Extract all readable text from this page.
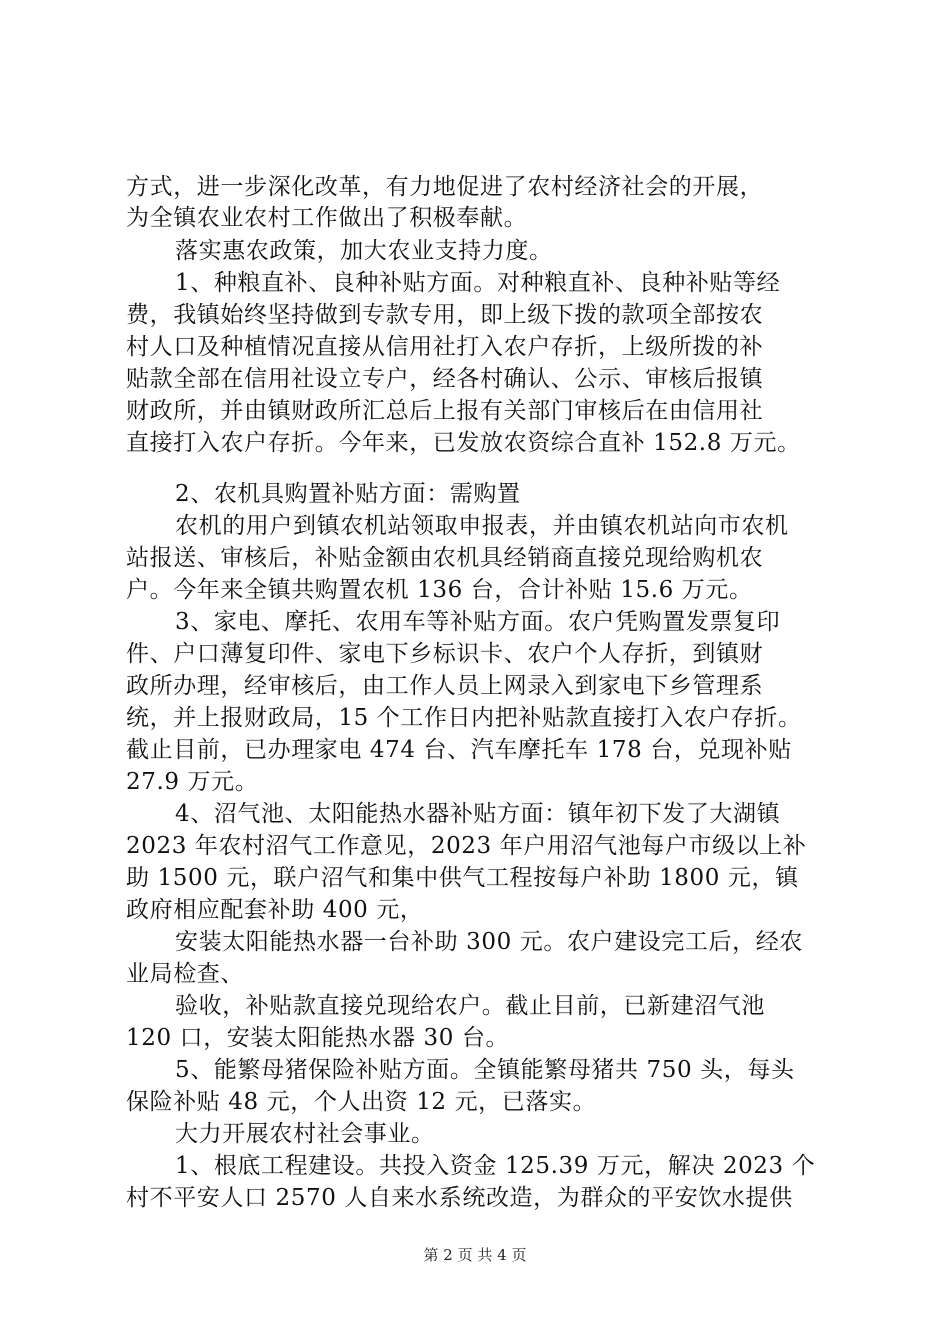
方式，进一步深化改革，有力地促进了农村经济社会的开展，
为全镇农业农村工作做出了积极奉献。
落实惠农政策，加大农业支持力度。
1、种粮直补、良种补贴方面。对种粮直补、良种补贴等经
费，我镇始终坚持做到专款专用，即上级下拨的款项全部按农
村人口及种植情况直接从信用社打入农户存折，上级所拨的补
贴款全部在信用社设立专户，经各村确认、公示、审核后报镇
财政所，并由镇财政所汇总后上报有关部门审核后在由信用社
直接打入农户存折。今年来，已发放农资综合直补 152.8 万元。
2、农机具购置补贴方面：需购置
农机的用户到镇农机站领取申报表，并由镇农机站向市农机
站报送、审核后，补贴金额由农机具经销商直接兑现给购机农
户。今年来全镇共购置农机 136 台，合计补贴 15.6 万元。
3、家电、摩托、农用车等补贴方面。农户凭购置发票复印
件、户口薄复印件、家电下乡标识卡、农户个人存折，到镇财
政所办理，经审核后，由工作人员上网录入到家电下乡管理系
统，并上报财政局，15 个工作日内把补贴款直接打入农户存折。
截止目前，已办理家电 474 台、汽车摩托车 178 台，兑现补贴
27.9 万元。
4、沼气池、太阳能热水器补贴方面：镇年初下发了大湖镇
2023 年农村沼气工作意见，2023 年户用沼气池每户市级以上补
助 1500 元，联户沼气和集中供气工程按每户补助 1800 元，镇
政府相应配套补助 400 元，
安装太阳能热水器一台补助 300 元。农户建设完工后，经农
业局检查、
验收，补贴款直接兑现给农户。截止目前，已新建沼气池
120 口，安装太阳能热水器 30 台。
5、能繁母猪保险补贴方面。全镇能繁母猪共 750 头，每头
保险补贴 48 元，个人出资 12 元，已落实。
大力开展农村社会事业。
1、根底工程建设。共投入资金 125.39 万元，解决 2023 个
村不平安人口 2570 人自来水系统改造，为群众的平安饮水提供
第 2 页 共 4 页
